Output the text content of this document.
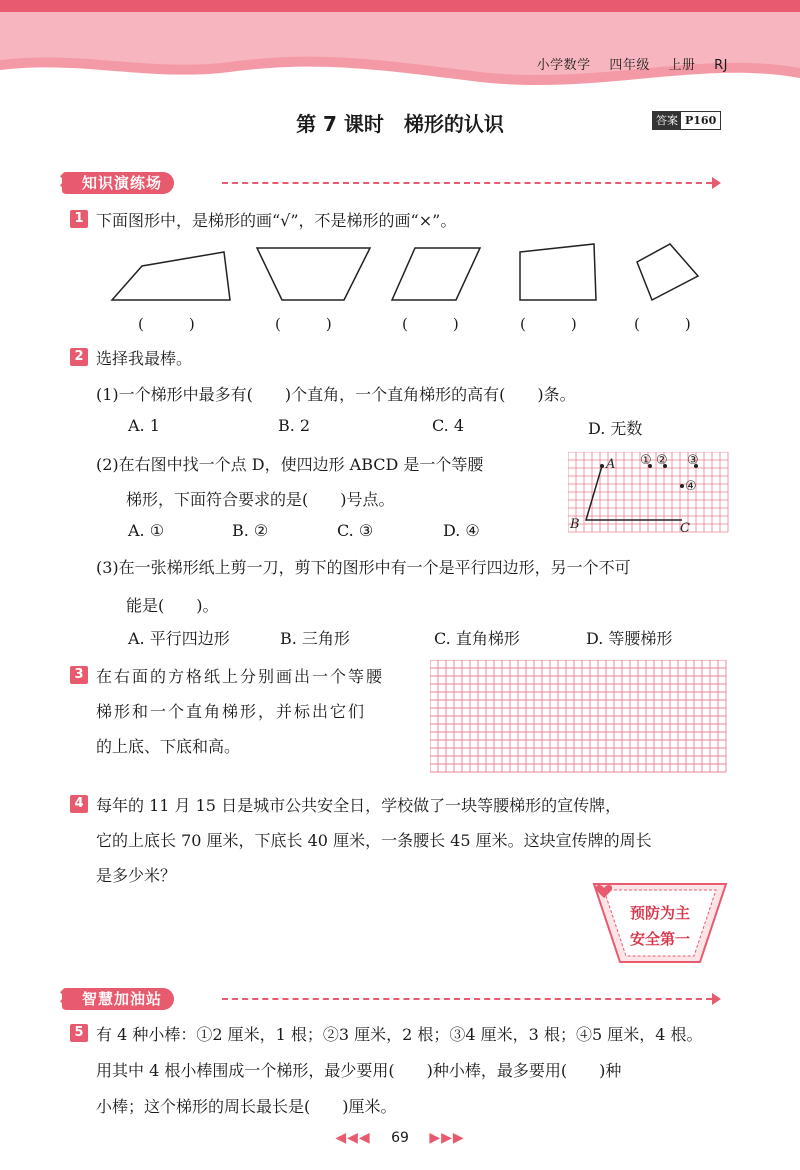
小学数学 四年级 上册 RJ
第 7 课时　梯形的认识	答案 P160
✕ 知识演练场
1 下面图形中，是梯形的画“√”，不是梯形的画“×”。
(　　　)	(　　　)	(　　　)	(　　　)	(　　　)
2 选择我最棒。
(1)一个梯形中最多有(　　)个直角，一个直角梯形的高有(　　)条。
A. 1	B. 2	C. 4	D. 无数
(2)在右图中找一个点 D，使四边形 ABCD 是一个等腰
梯形，下面符合要求的是(　　)号点。
A. ①	B. ②	C. ③	D. ④
A
B	C
① ② ③
④
(3)在一张梯形纸上剪一刀，剪下的图形中有一个是平行四边形，另一个不可
能是(　　)。
A. 平行四边形	B. 三角形	C. 直角梯形	D. 等腰梯形
3 在右面的方格纸上分别画出一个等腰
梯形和一个直角梯形，并标出它们
的上底、下底和高。
4 每年的 11 月 15 日是城市公共安全日，学校做了一块等腰梯形的宣传牌，
它的上底长 70 厘米，下底长 40 厘米，一条腰长 45 厘米。这块宣传牌的周长
是多少米？
预防为主
安全第一
✕ 智慧加油站
5 有 4 种小棒：①2 厘米，1 根；②3 厘米，2 根；③4 厘米，3 根；④5 厘米，4 根。
用其中 4 根小棒围成一个梯形，最少要用(　　)种小棒，最多要用(　　)种
小棒；这个梯形的周长最长是(　　)厘米。
◀◀◀ 69 ▶▶▶
